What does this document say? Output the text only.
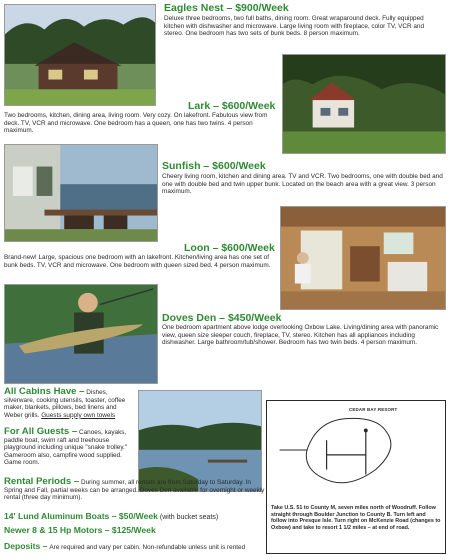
Eagles Nest – $900/Week
Deluxe three bedrooms, two full baths, dining room. Great wraparound deck. Fully equipped kitchen with dishwasher and microwave. Large living room with fireplace, color TV, VCR and stereo. One bedroom has two sets of bunk beds. 8 person maximum.
Lark – $600/Week
Two bedrooms, kitchen, dining area, living room. Very cozy. On lakefront. Fabulous view from deck. TV, VCR and microwave. One bedroom has a queen, one has two twins. 4 person maximum.
Sunfish – $600/Week
Cheery living room, kitchen and dining area. TV and VCR. Two bedrooms, one with double bed and one with double bed and twin upper bunk. Located on the beach area with a great view. 3 person maximum.
Loon – $600/Week
Brand-new! Large, spacious one bedroom with an lakefront. Kitchen/living area has one set of bunk beds. TV, VCR and microwave. One bedroom with queen sized bed. 4 person maximum.
Doves Den – $450/Week
One bedroom apartment above lodge overlooking Oxbow Lake. Living/dining area with panoramic view, queen size sleeper couch, fireplace, TV, stereo. Kitchen has all appliances including dishwasher. Large bathroom/tub/shower. Bedroom has two twin beds. 4 person maximum.
All Cabins Have – Dishes, silverware, cooking utensils, toaster, coffee maker, blankets, pillows, bed linens and Weber grills. Guests supply own towels
For All Guests – Canoes, kayaks, paddle boat, swim raft and treehouse playground including unique "snake trolley." Gameroom also, campfire wood supplied. Game room.
Rental Periods – During summer, all rentals are from Saturday to Saturday. In Spring and Fall, partial weeks can be arranged. Doves Den available for overnight or weekly rental (three day minimum).
14' Lund Aluminum Boats – $50/Week (with bucket seats)
Newer 8 & 15 Hp Motors – $125/Week
Deposits – Are required and vary per cabin. Non-refundable unless unit is rented
CEDAR BAY RESORT
Take U.S. 51 to County M, seven miles north of Woodruff. Follow straight through Boulder Junction to County B. Turn left and follow into Presque Isle. Turn right on McKenzie Road (changes to Oxbow) and take to resort 1 1/2 miles – at end of road.
